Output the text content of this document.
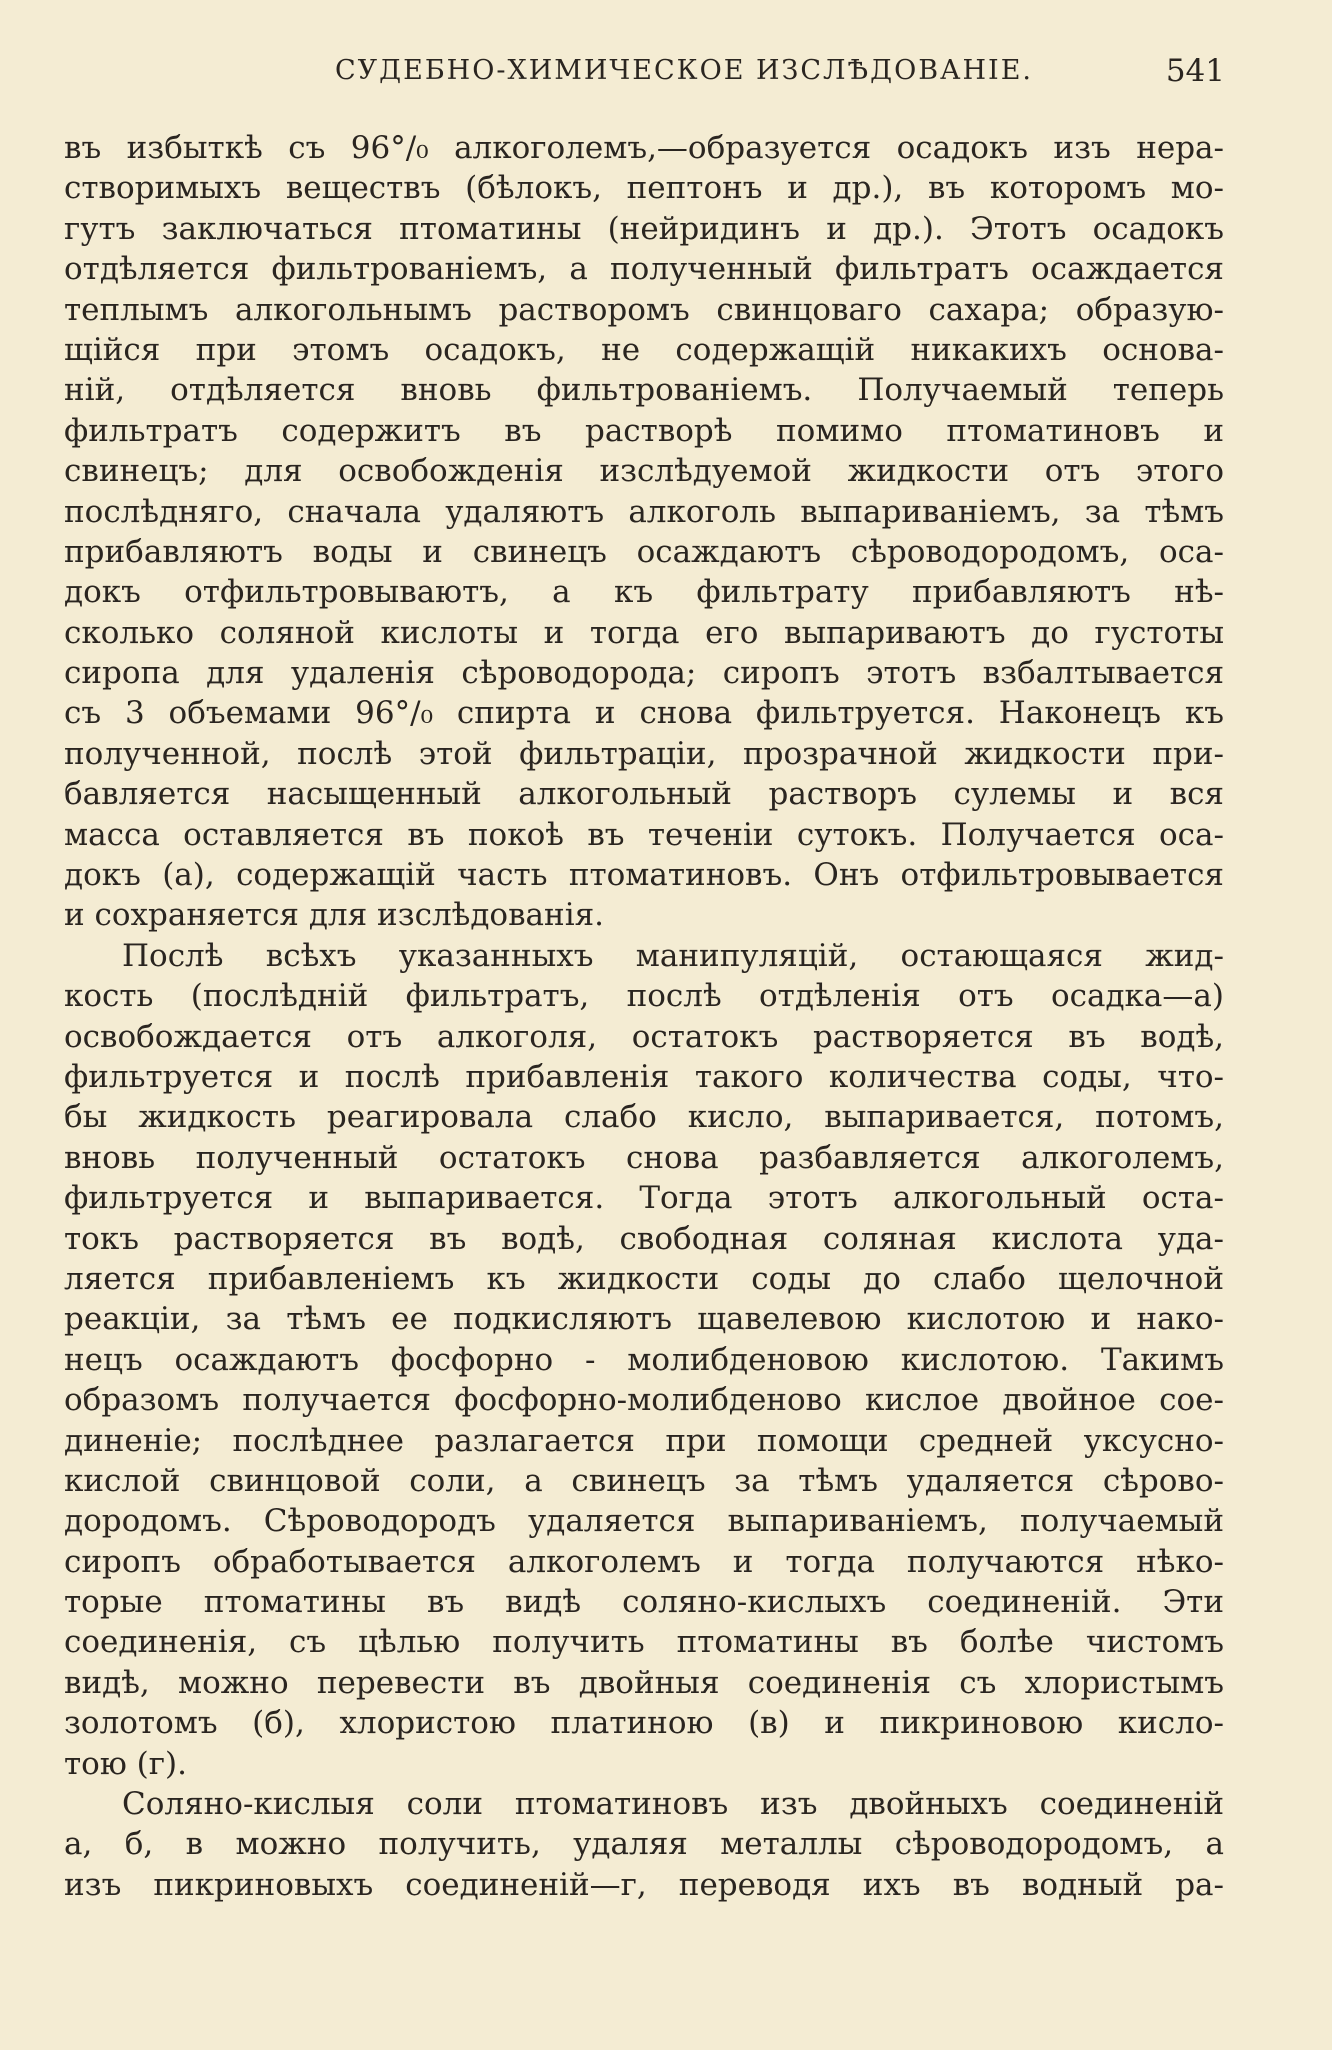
СУДЕБНО-ХИМИЧЕСКОЕ ИЗСЛѢДОВАНІЕ.	541
въ избыткѣ съ 96°/₀ алкоголемъ,—образуется осадокъ изъ нера-
створимыхъ веществъ (бѣлокъ, пептонъ и др.), въ которомъ мо-
гутъ заключаться птоматины (нейридинъ и др.). Этотъ осадокъ
отдѣляется фильтрованіемъ, а полученный фильтратъ осаждается
теплымъ алкогольнымъ растворомъ свинцоваго сахара; образую-
щійся при этомъ осадокъ, не содержащій никакихъ основа-
ній, отдѣляется вновь фильтрованіемъ. Получаемый теперь
фильтратъ содержитъ въ растворѣ помимо птоматиновъ и
свинецъ; для освобожденія изслѣдуемой жидкости отъ этого
послѣдняго, сначала удаляютъ алкоголь выпариваніемъ, за тѣмъ
прибавляютъ воды и свинецъ осаждаютъ сѣроводородомъ, оса-
докъ отфильтровываютъ, а къ фильтрату прибавляютъ нѣ-
сколько соляной кислоты и тогда его выпариваютъ до густоты
сиропа для удаленія сѣроводорода; сиропъ этотъ взбалтывается
съ 3 объемами 96°/₀ спирта и снова фильтруется. Наконецъ къ
полученной, послѣ этой фильтраціи, прозрачной жидкости при-
бавляется насыщенный алкогольный растворъ сулемы и вся
масса оставляется въ покоѣ въ теченіи сутокъ. Получается оса-
докъ (а), содержащій часть птоматиновъ. Онъ отфильтровывается
и сохраняется для изслѣдованія.
Послѣ всѣхъ указанныхъ манипуляцій, остающаяся жид-
кость (послѣдній фильтратъ, послѣ отдѣленія отъ осадка—а)
освобождается отъ алкоголя, остатокъ растворяется въ водѣ,
фильтруется и послѣ прибавленія такого количества соды, что-
бы жидкость реагировала слабо кисло, выпаривается, потомъ,
вновь полученный остатокъ снова разбавляется алкоголемъ,
фильтруется и выпаривается. Тогда этотъ алкогольный оста-
токъ растворяется въ водѣ, свободная соляная кислота уда-
ляется прибавленіемъ къ жидкости соды до слабо щелочной
реакціи, за тѣмъ ее подкисляютъ щавелевою кислотою и нако-
нецъ осаждаютъ фосфорно - молибденовою кислотою. Такимъ
образомъ получается фосфорно-молибденово кислое двойное сое-
диненіе; послѣднее разлагается при помощи средней уксусно-
кислой свинцовой соли, а свинецъ за тѣмъ удаляется сѣрово-
дородомъ. Сѣроводородъ удаляется выпариваніемъ, получаемый
сиропъ обработывается алкоголемъ и тогда получаются нѣко-
торые птоматины въ видѣ соляно-кислыхъ соединеній. Эти
соединенія, съ цѣлью получить птоматины въ болѣе чистомъ
видѣ, можно перевести въ двойныя соединенія съ хлористымъ
золотомъ (б), хлористою платиною (в) и пикриновою кисло-
тою (г).
Соляно-кислыя соли птоматиновъ изъ двойныхъ соединеній
а, б, в можно получить, удаляя металлы сѣроводородомъ, а
изъ пикриновыхъ соединеній—г, переводя ихъ въ водный ра-
